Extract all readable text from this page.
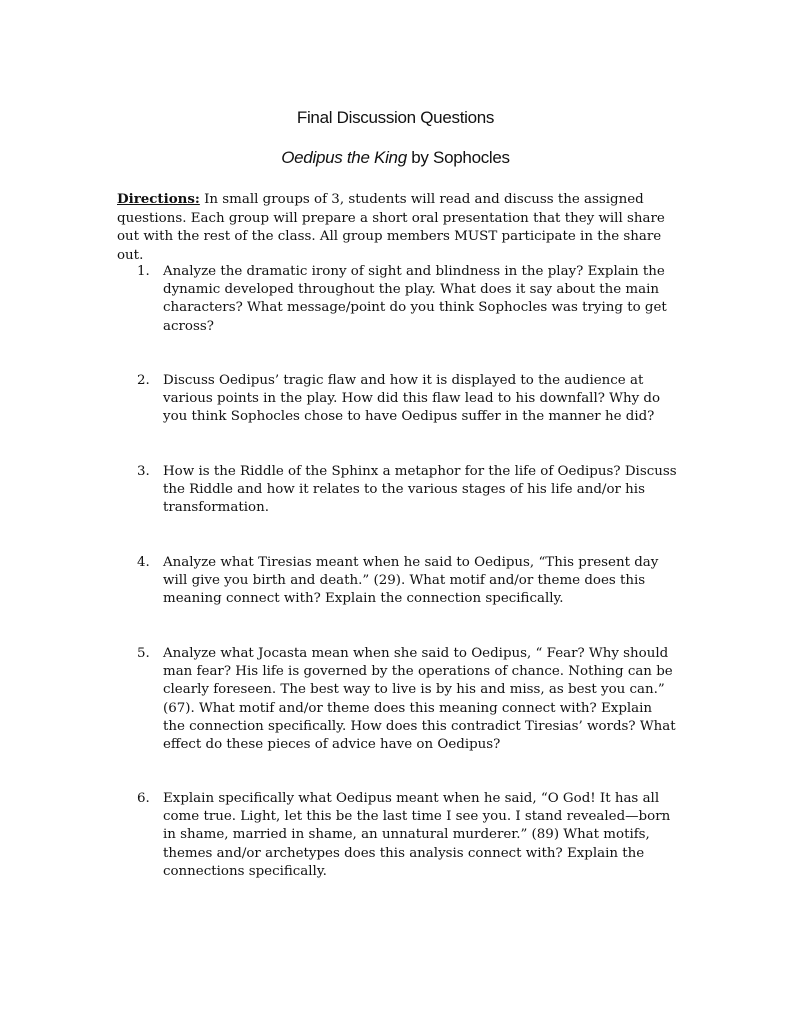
Final Discussion Questions
Oedipus the King by Sophocles

Directions: In small groups of 3, students will read and discuss the assigned questions. Each group will prepare a short oral presentation that they will share out with the rest of the class. All group members MUST participate in the share out.

1. Analyze the dramatic irony of sight and blindness in the play? Explain the dynamic developed throughout the play. What does it say about the main characters? What message/point do you think Sophocles was trying to get across?
2. Discuss Oedipus’ tragic flaw and how it is displayed to the audience at various points in the play. How did this flaw lead to his downfall? Why do you think Sophocles chose to have Oedipus suffer in the manner he did?
3. How is the Riddle of the Sphinx a metaphor for the life of Oedipus? Discuss the Riddle and how it relates to the various stages of his life and/or his transformation.
4. Analyze what Tiresias meant when he said to Oedipus, “This present day will give you birth and death.” (29). What motif and/or theme does this meaning connect with? Explain the connection specifically.
5. Analyze what Jocasta mean when she said to Oedipus, “ Fear? Why should man fear? His life is governed by the operations of chance. Nothing can be clearly foreseen. The best way to live is by his and miss, as best you can.” (67). What motif and/or theme does this meaning connect with? Explain the connection specifically. How does this contradict Tiresias’ words? What effect do these pieces of advice have on Oedipus?
6. Explain specifically what Oedipus meant when he said, “O God! It has all come true. Light, let this be the last time I see you. I stand revealed—born in shame, married in shame, an unnatural murderer.” (89) What motifs, themes and/or archetypes does this analysis connect with? Explain the connections specifically.
